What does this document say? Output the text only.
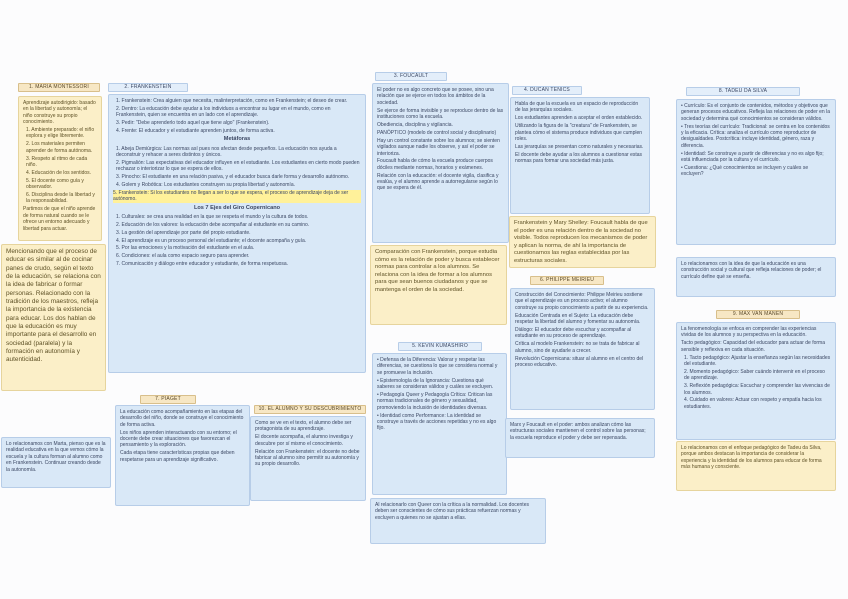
1. MARIA MONTESSORI

Aprendizaje autodirigido: basado en la libertad y autonomía; el niño construye su propio conocimiento.

1. Ambiente preparado: el niño explora y elige libremente.

2. Los materiales permiten aprender de forma autónoma.

3. Respeto al ritmo de cada niño.

4. Educación de los sentidos.

5. El docente como guía y observador.

6. Disciplina desde la libertad y la responsabilidad.

Partimos de que el niño aprende de forma natural cuando se le ofrece un entorno adecuado y libertad para actuar.

2. FRANKENSTEIN

1. Frankenstein: Crea alguien que necesita, malinterpretación, como en Frankenstein; el deseo de crear.

2. Dentro: La educación debe ayudar a los individuos a encontrar su lugar en el mundo, como en Frankenstein, quien se encuentra en un lado con el aprendizaje.

3. Pedir: "Debe aprenderlo todo aquel que tiene algo" (Frankenstein).

4. Frente: El educador y el estudiante aprenden juntos, de forma activa.

Metáforas

1. Abeja Demiúrgica: Las normas así pues nos afectan desde pequeños. La educación nos ayuda a deconstruir y rehacer a seres distintos y únicos.

2. Pigmalión: Las expectativas del educador influyen en el estudiante. Los estudiantes en cierto modo pueden rechazar o interiorizar lo que se espera de ellos.

3. Pinocho: El estudiante en una relación pasiva, y el educador busca darle forma y desarrollo autónomo.

4. Golem y Robótica: Los estudiantes construyen su propia libertad y autonomía.

5. Frankenstein: Si los estudiantes no llegan a ser lo que se espera, el proceso de aprendizaje deja de ser autónomo.

Los 7 Ejes del Giro Copernicano

1. Culturales: se crea una realidad en la que se respeta el mundo y la cultura de todos.

2. Educación de los valores: la educación debe acompañar al estudiante en su camino.

3. La gestión del aprendizaje por parte del propio estudiante.

4. El aprendizaje es un proceso personal del estudiante; el docente acompaña y guía.

5. Por las emociones y la motivación del estudiante en el aula.

6. Condiciones: el aula como espacio seguro para aprender.

7. Comunicación y diálogo entre educador y estudiante, de forma respetuosa.

3. FOUCAULT

El poder no es algo concreto que se posee, sino una relación que se ejerce en todos los ámbitos de la sociedad.

Se ejerce de forma invisible y se reproduce dentro de las instituciones como la escuela.

Obediencia, disciplina y vigilancia.

PANÓPTICO (modelo de control social y disciplinario)

Hay un control constante sobre los alumnos; se sienten vigilados aunque nadie los observe, y así el poder se interioriza.

Foucault habla de cómo la escuela produce cuerpos dóciles mediante normas, horarios y exámenes.

Relación con la educación: el docente vigila, clasifica y evalúa, y el alumno aprende a autorregularse según lo que se espera de él.

Comparación con Frankenstein, porque estudia cómo es la relación de poder y busca establecer normas para controlar a los alumnos. Se relaciona con la idea de formar a los alumnos para que sean buenos ciudadanos y que se mantenga el orden de la sociedad.

5. KEVIN KUMASHIRO

• Defensa de la Diferencia: Valorar y respetar las diferencias, se cuestiona lo que se considera normal y se promueve la inclusión.

• Epistemología de la Ignorancia: Cuestiona qué saberes se consideran válidos y cuáles se excluyen.

• Pedagogía Queer y Pedagogía Crítica: Critican las normas tradicionales de género y sexualidad, promoviendo la inclusión de identidades diversas.

• Identidad como Performance: La identidad se construye a través de acciones repetidas y no es algo fijo.

Al relacionarlo con Queer con la crítica a la normalidad. Los docentes deben ser conscientes de cómo sus prácticas refuerzan normas y excluyen a quienes no se ajustan a ellas.

4. DUCAN TENICS

Habla de que la escuela es un espacio de reproducción de las jerarquías sociales.

Los estudiantes aprenden a aceptar el orden establecido.

Utilizando la figura de la "creatura" de Frankenstein, se plantea cómo el sistema produce individuos que cumplen roles.

Las jerarquías se presentan como naturales y necesarias.

El docente debe ayudar a los alumnos a cuestionar estas normas para formar una sociedad más justa.

Frankenstein y Mary Shelley: Foucault habla de que el poder es una relación dentro de la sociedad no visible. Todos reproducen los mecanismos de poder y aplican la norma, de ahí la importancia de cuestionarnos las reglas establecidas por las estructuras sociales.

6. PHILIPPE MEIRIEU

Construcción del Conocimiento: Philippe Meirieu sostiene que el aprendizaje es un proceso activo; el alumno construye su propio conocimiento a partir de su experiencia.

Educación Centrada en el Sujeto: La educación debe respetar la libertad del alumno y fomentar su autonomía.

Diálogo: El educador debe escuchar y acompañar al estudiante en su proceso de aprendizaje.

Crítica al modelo Frankenstein: no se trata de fabricar al alumno, sino de ayudarle a crecer.

Revolución Copernicana: situar al alumno en el centro del proceso educativo.

Marx y Foucault en el poder: ambos analizan cómo las estructuras sociales mantienen el control sobre las personas; la escuela reproduce el poder y debe ser repensada.

8. TADEU DA SILVA

• Currículo: Es el conjunto de contenidos, métodos y objetivos que generan procesos educativos. Refleja las relaciones de poder en la sociedad y determina qué conocimientos se consideran válidos.

• Tres teorías del currículo: Tradicional: se centra en los contenidos y la eficacia. Crítica: analiza el currículo como reproductor de desigualdades. Postcrítica: incluye identidad, género, raza y diferencia.

• Identidad: Se construye a partir de diferencias y no es algo fijo; está influenciada por la cultura y el currículo.

• Cuestiona: ¿Qué conocimientos se incluyen y cuáles se excluyen?

Lo relacionamos con la idea de que la educación es una construcción social y cultural que refleja relaciones de poder; el currículo define qué se enseña.

9. MAX VAN MANEN

La fenomenología se enfoca en comprender las experiencias vividas de los alumnos y su perspectiva en la educación.

Tacto pedagógico: Capacidad del educador para actuar de forma sensible y reflexiva en cada situación.

1. Tacto pedagógico: Ajustar la enseñanza según las necesidades del estudiante.

2. Momento pedagógico: Saber cuándo intervenir en el proceso de aprendizaje.

3. Reflexión pedagógica: Escuchar y comprender las vivencias de los alumnos.

4. Cuidado en valores: Actuar con respeto y empatía hacia los estudiantes.

Lo relacionamos con el enfoque pedagógico de Tadeu da Silva, porque ambos destacan la importancia de considerar la experiencia y la identidad de los alumnos para educar de forma más humana y consciente.

Mencionando que el proceso de educar es similar al de cocinar panes de crudo, según el texto de la educación, se relaciona con la idea de fabricar o formar personas. Relacionado con la tradición de los maestros, refleja la importancia de la existencia para educar. Los dos hablan de que la educación es muy importante para el desarrollo en sociedad (paralela) y la formación en autonomía y autenticidad.

Lo relacionamos con Marta, pienso que es la realidad educativa en la que vemos cómo la escuela y la cultura forman al alumno como en Frankenstein. Continuar creando desde la autonomía.

7. PIAGET

La educación como acompañamiento en las etapas del desarrollo del niño, donde se construye el conocimiento de forma activa.

Los niños aprenden interactuando con su entorno; el docente debe crear situaciones que favorezcan el pensamiento y la exploración.

Cada etapa tiene características propias que deben respetarse para un aprendizaje significativo.

10. EL ALUMNO Y SU DESCUBRIMIENTO

Como se ve en el texto, el alumno debe ser protagonista de su aprendizaje.

El docente acompaña, el alumno investiga y descubre por sí mismo el conocimiento.

Relación con Frankenstein: el docente no debe fabricar al alumno sino permitir su autonomía y su propio desarrollo.
